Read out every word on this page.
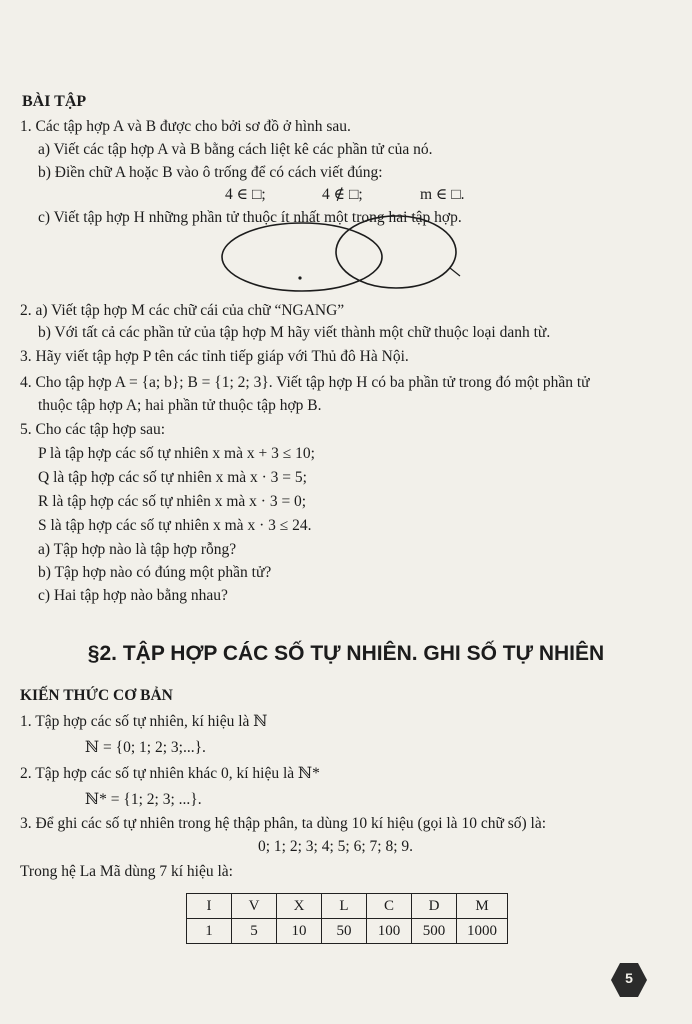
BÀI TẬP
1. Các tập hợp A và B được cho bởi sơ đồ ở hình sau.
a) Viết các tập hợp A và B bằng cách liệt kê các phần tử của nó.
b) Điền chữ A hoặc B vào ô trống để có cách viết đúng:
4 ∈ □;	4 ∉ □;	m ∈ □.
c) Viết tập hợp H những phần tử thuộc ít nhất một trong hai tập hợp.
2. a) Viết tập hợp M các chữ cái của chữ “NGANG”
b) Với tất cả các phần tử của tập hợp M hãy viết thành một chữ thuộc loại danh từ.
3. Hãy viết tập hợp P tên các tỉnh tiếp giáp với Thủ đô Hà Nội.
4. Cho tập hợp A = {a; b}; B = {1; 2; 3}. Viết tập hợp H có ba phần tử trong đó một phần tử
thuộc tập hợp A; hai phần tử thuộc tập hợp B.
5. Cho các tập hợp sau:
P là tập hợp các số tự nhiên x mà x + 3 ≤ 10;
Q là tập hợp các số tự nhiên x mà x · 3 = 5;
R là tập hợp các số tự nhiên x mà x · 3 = 0;
S là tập hợp các số tự nhiên x mà x · 3 ≤ 24.
a) Tập hợp nào là tập hợp rỗng?
b) Tập hợp nào có đúng một phần tử?
c) Hai tập hợp nào bằng nhau?
§2. TẬP HỢP CÁC SỐ TỰ NHIÊN. GHI SỐ TỰ NHIÊN
KIẾN THỨC CƠ BẢN
1. Tập hợp các số tự nhiên, kí hiệu là ℕ
ℕ = {0; 1; 2; 3;...}.
2. Tập hợp các số tự nhiên khác 0, kí hiệu là ℕ*
ℕ* = {1; 2; 3; ...}.
3. Để ghi các số tự nhiên trong hệ thập phân, ta dùng 10 kí hiệu (gọi là 10 chữ số) là:
0; 1; 2; 3; 4; 5; 6; 7; 8; 9.
Trong hệ La Mã dùng 7 kí hiệu là:
I	V	X	L	C	D	M
1	5	10	50	100	500	1000
5
